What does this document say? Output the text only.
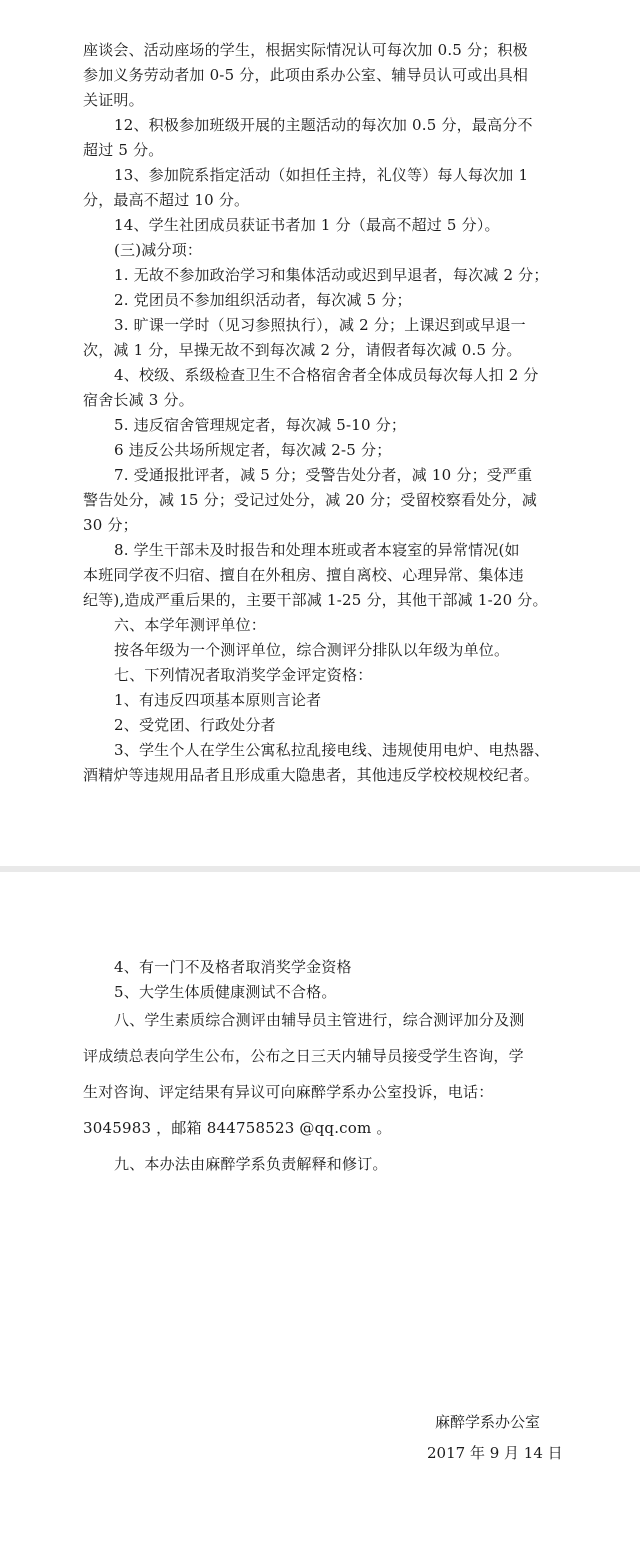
座谈会、活动座场的学生，根据实际情况认可每次加 0.5 分；积极
参加义务劳动者加 0-5 分，此项由系办公室、辅导员认可或出具相
关证明。
12、积极参加班级开展的主题活动的每次加 0.5 分，最高分不
超过 5 分。
13、参加院系指定活动（如担任主持，礼仪等）每人每次加 1
分，最高不超过 10 分。
14、学生社团成员获证书者加 1 分（最高不超过 5 分）。
(三)减分项：
1. 无故不参加政治学习和集体活动或迟到早退者，每次减 2 分；
2. 党团员不参加组织活动者，每次减 5 分；
3. 旷课一学时（见习参照执行），减 2 分；上课迟到或早退一
次，减 1 分，早操无故不到每次减 2 分，请假者每次减 0.5 分。
4、校级、系级检查卫生不合格宿舍者全体成员每次每人扣 2 分
宿舍长减 3 分。
5. 违反宿舍管理规定者，每次减 5-10 分；
6 违反公共场所规定者，每次减 2-5 分；
7. 受通报批评者，减 5 分；受警告处分者，减 10 分；受严重
警告处分，减 15 分；受记过处分，减 20 分；受留校察看处分，减
30 分；
8. 学生干部未及时报告和处理本班或者本寝室的异常情况(如
本班同学夜不归宿、擅自在外租房、擅自离校、心理异常、集体违
纪等),造成严重后果的，主要干部减 1-25 分，其他干部减 1-20 分。
六、本学年测评单位：
按各年级为一个测评单位，综合测评分排队以年级为单位。
七、下列情况者取消奖学金评定资格：
1、有违反四项基本原则言论者
2、受党团、行政处分者
3、学生个人在学生公寓私拉乱接电线、违规使用电炉、电热器、
酒精炉等违规用品者且形成重大隐患者，其他违反学校校规校纪者。
4、有一门不及格者取消奖学金资格
5、大学生体质健康测试不合格。
八、学生素质综合测评由辅导员主管进行，综合测评加分及测
评成绩总表向学生公布，公布之日三天内辅导员接受学生咨询，学
生对咨询、评定结果有异议可向麻醉学系办公室投诉，电话：
3045983 ，邮箱 844758523 @qq.com 。
九、本办法由麻醉学系负责解释和修订。
麻醉学系办公室
2017 年 9 月 14 日
